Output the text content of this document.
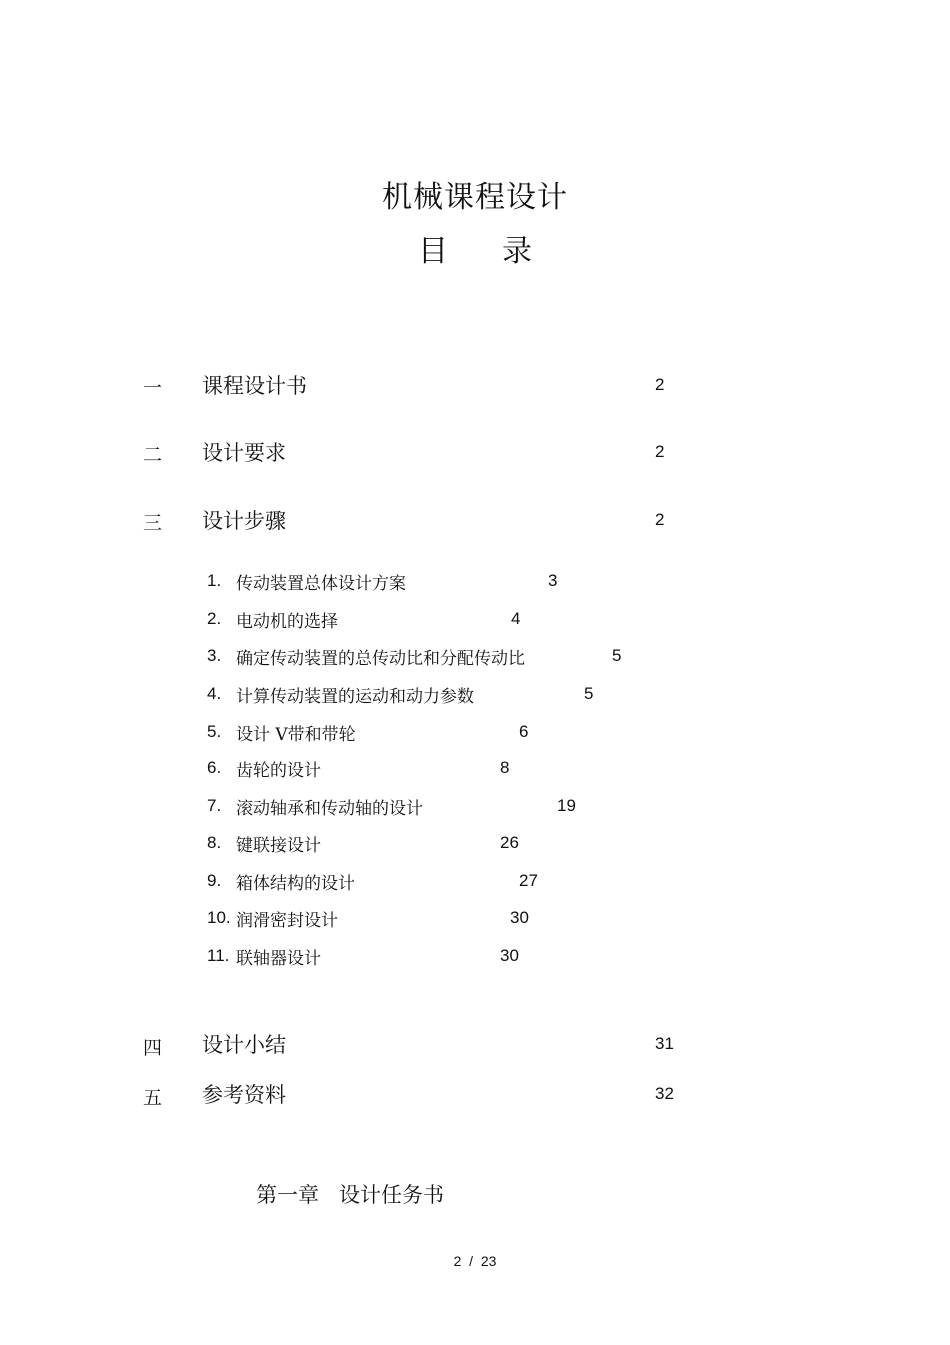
机械课程设计
目录
一 课程设计书	2
二 设计要求	2
三 设计步骤	2
1. 传动装置总体设计方案	3
2. 电动机的选择	4
3. 确定传动装置的总传动比和分配传动比	5
4. 计算传动装置的运动和动力参数	5
5. 设计 V带和带轮	6
6. 齿轮的设计	8
7. 滚动轴承和传动轴的设计	19
8. 键联接设计	26
9. 箱体结构的设计	27
10. 润滑密封设计	30
11. 联轴器设计	30
四 设计小结	31
五 参考资料	32
第一章   设计任务书
2  /  23
